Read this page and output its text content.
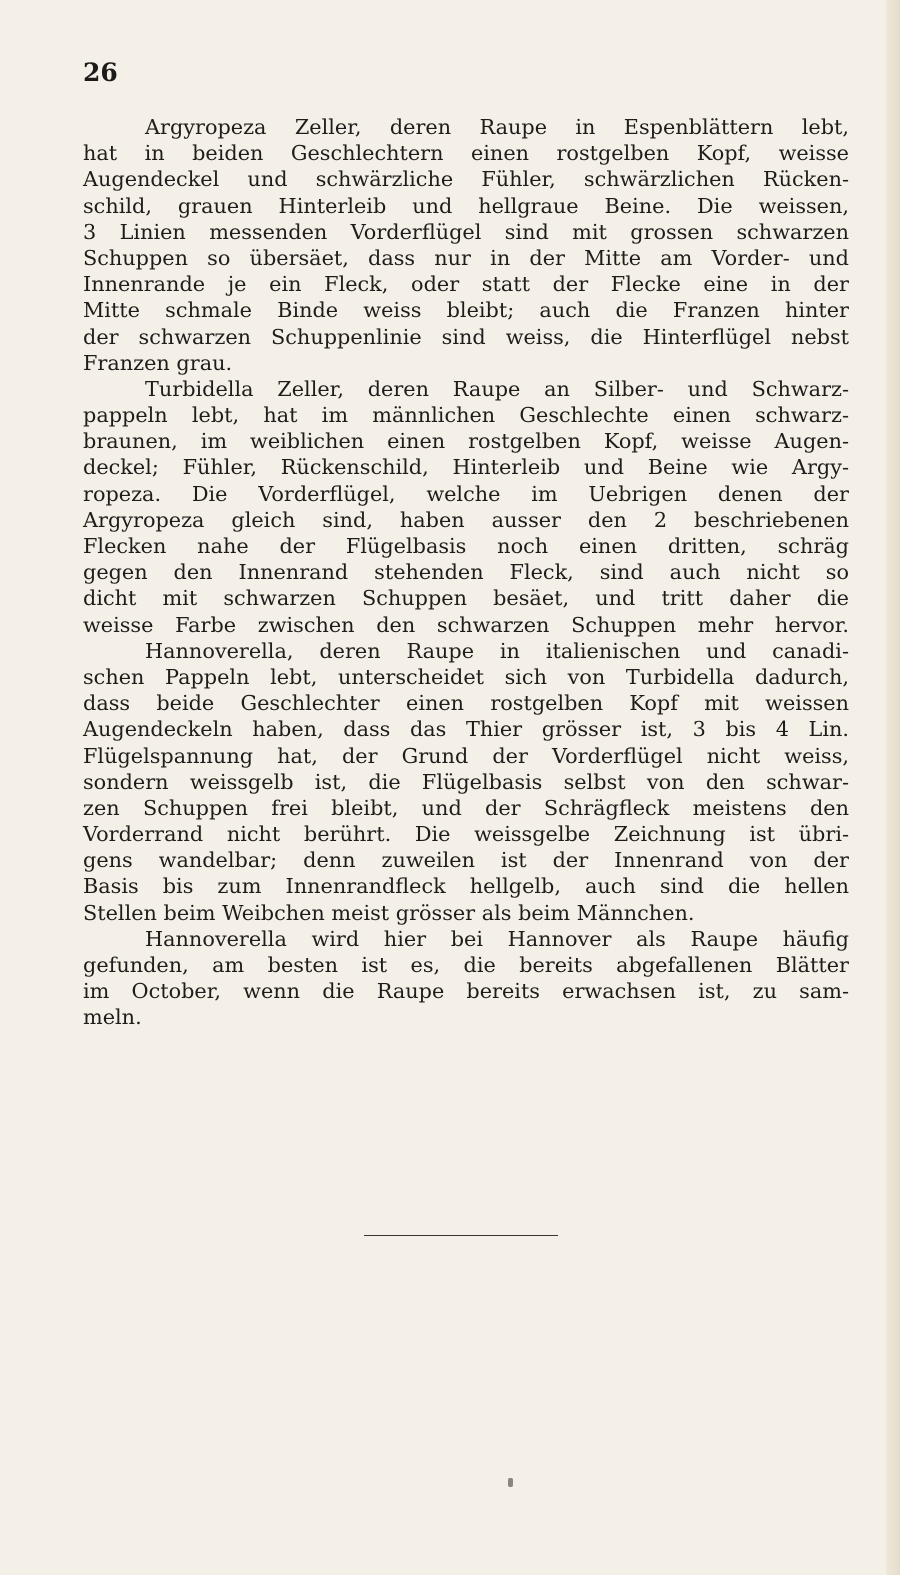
26
Argyropeza Zeller, deren Raupe in Espenblättern lebt,
hat in beiden Geschlechtern einen rostgelben Kopf, weisse
Augendeckel und schwärzliche Fühler, schwärzlichen Rücken-
schild, grauen Hinterleib und hellgraue Beine. Die weissen,
3 Linien messenden Vorderflügel sind mit grossen schwarzen
Schuppen so übersäet, dass nur in der Mitte am Vorder- und
Innenrande je ein Fleck, oder statt der Flecke eine in der
Mitte schmale Binde weiss bleibt; auch die Franzen hinter
der schwarzen Schuppenlinie sind weiss, die Hinterflügel nebst
Franzen grau.
Turbidella Zeller, deren Raupe an Silber- und Schwarz-
pappeln lebt, hat im männlichen Geschlechte einen schwarz-
braunen, im weiblichen einen rostgelben Kopf, weisse Augen-
deckel; Fühler, Rückenschild, Hinterleib und Beine wie Argy-
ropeza. Die Vorderflügel, welche im Uebrigen denen der
Argyropeza gleich sind, haben ausser den 2 beschriebenen
Flecken nahe der Flügelbasis noch einen dritten, schräg
gegen den Innenrand stehenden Fleck, sind auch nicht so
dicht mit schwarzen Schuppen besäet, und tritt daher die
weisse Farbe zwischen den schwarzen Schuppen mehr hervor.
Hannoverella, deren Raupe in italienischen und canadi-
schen Pappeln lebt, unterscheidet sich von Turbidella dadurch,
dass beide Geschlechter einen rostgelben Kopf mit weissen
Augendeckeln haben, dass das Thier grösser ist, 3 bis 4 Lin.
Flügelspannung hat, der Grund der Vorderflügel nicht weiss,
sondern weissgelb ist, die Flügelbasis selbst von den schwar-
zen Schuppen frei bleibt, und der Schrägfleck meistens den
Vorderrand nicht berührt. Die weissgelbe Zeichnung ist übri-
gens wandelbar; denn zuweilen ist der Innenrand von der
Basis bis zum Innenrandfleck hellgelb, auch sind die hellen
Stellen beim Weibchen meist grösser als beim Männchen.
Hannoverella wird hier bei Hannover als Raupe häufig
gefunden, am besten ist es, die bereits abgefallenen Blätter
im October, wenn die Raupe bereits erwachsen ist, zu sam-
meln.
